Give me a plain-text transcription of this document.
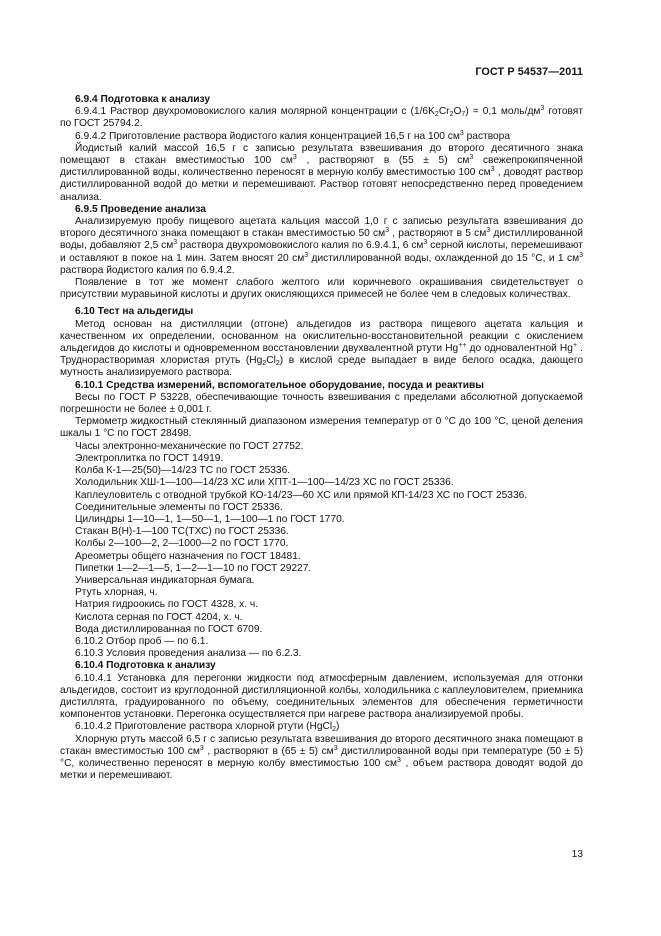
ГОСТ Р 54537—2011

6.9.4 Подготовка к анализу

6.9.4.1 Раствор двухромовокислого калия молярной концентрации с $(1/6K_2Cr_2O_7) = 0,1$ моль/$дм^3$ готовят по ГОСТ 25794.2.

6.9.4.2 Приготовление раствора йодистого калия концентрацией 16,5 г на 100 $см^3$ раствора

Йодистый калий массой 16,5 г с записью результата взвешивания до второго десятичного знака помещают в стакан вместимостью 100 $см^3$ , растворяют в (55 ± 5) $см^3$ свежепрокипяченной дистиллированной воды, количественно переносят в мерную колбу вместимостью 100 $см^3$ , доводят раствор дистиллированной водой до метки и перемешивают. Раствор готовят непосредственно перед проведением анализа.

6.9.5 Проведение анализа

Анализируемую пробу пищевого ацетата кальция массой 1,0 г с записью результата взвешивания до второго десятичного знака помещают в стакан вместимостью 50 $см^3$ , растворяют в 5 $см^3$ дистиллированной воды, добавляют 2,5 $см^3$ раствора двухромовокислого калия по 6.9.4.1, 6 $см^3$ серной кислоты, перемешивают и оставляют в покое на 1 мин. Затем вносят 20 $см^3$ дистиллированной воды, охлажденной до 15 °С, и 1 $см^3$ раствора йодистого калия по 6.9.4.2.

Появление в тот же момент слабого желтого или коричневого окрашивания свидетельствует о присутствии муравьиной кислоты и других окисляющихся примесей не более чем в следовых количествах.

6.10 Тест на альдегиды

Метод основан на дистилляции (отгоне) альдегидов из раствора пищевого ацетата кальция и качественном их определении, основанном на окислительно-восстановительной реакции с окислением альдегидов до кислоты и одновременном восстановлении двухвалентной ртути Hg++ до одновалентной Hg+ . Труднорастворимая хлористая ртуть $(Hg_2Cl_2)$ в кислой среде выпадает в виде белого осадка, дающего мутность анализируемого раствора.

6.10.1 Средства измерений, вспомогательное оборудование, посуда и реактивы

Весы по ГОСТ Р 53228, обеспечивающие точность взвешивания с пределами абсолютной допускаемой погрешности не более ± 0,001 г.

Термометр жидкостный стеклянный диапазоном измерения температур от 0 °С до 100 °С, ценой деления шкалы 1 °С по ГОСТ 28498.

Часы электронно-механические по ГОСТ 27752.

Электроплитка по ГОСТ 14919.

Колба К-1—25(50)—14/23 ТС по ГОСТ 25336.

Холодильник ХШ-1—100—14/23 ХС или ХПТ-1—100—14/23 ХС по ГОСТ 25336.

Каплеуловитель с отводной трубкой КО-14/23—60 ХС или прямой КП-14/23 ХС по ГОСТ 25336.

Соединительные элементы по ГОСТ 25336.

Цилиндры 1—10—1, 1—50—1, 1—100—1 по ГОСТ 1770.

Стакан В(Н)-1—100 ТС(ТХС) по ГОСТ 25336.

Колбы 2—100—2, 2—1000—2 по ГОСТ 1770.

Ареометры общего назначения по ГОСТ 18481.

Пипетки 1—2—1—5, 1—2—1—10 по ГОСТ 29227.

Универсальная индикаторная бумага.

Ртуть хлорная, ч.

Натрия гидроокись по ГОСТ 4328, х. ч.

Кислота серная по ГОСТ 4204, х. ч.

Вода дистиллированная по ГОСТ 6709.

6.10.2 Отбор проб — по 6.1.

6.10.3 Условия проведения анализа — по 6.2.3.

6.10.4 Подготовка к анализу

6.10.4.1 Установка для перегонки жидкости под атмосферным давлением, используемая для отгонки альдегидов, состоит из круглодонной дистилляционной колбы, холодильника с каплеуловителем, приемника дистиллята, градуированного по объему, соединительных элементов для обеспечения герметичности компонентов установки. Перегонка осуществляется при нагреве раствора анализируемой пробы.

6.10.4.2 Приготовление раствора хлорной ртути (HgCl$_2$)

Хлорную ртуть массой 6,5 г с записью результата взвешивания до второго десятичного знака помещают в стакан вместимостью 100 $см^3$ , растворяют в (65 ± 5) $см^3$ дистиллированной воды при температуре (50 ± 5) °С, количественно переносят в мерную колбу вместимостью 100 $см^3$ , объем раствора доводят водой до метки и перемешивают.

13
